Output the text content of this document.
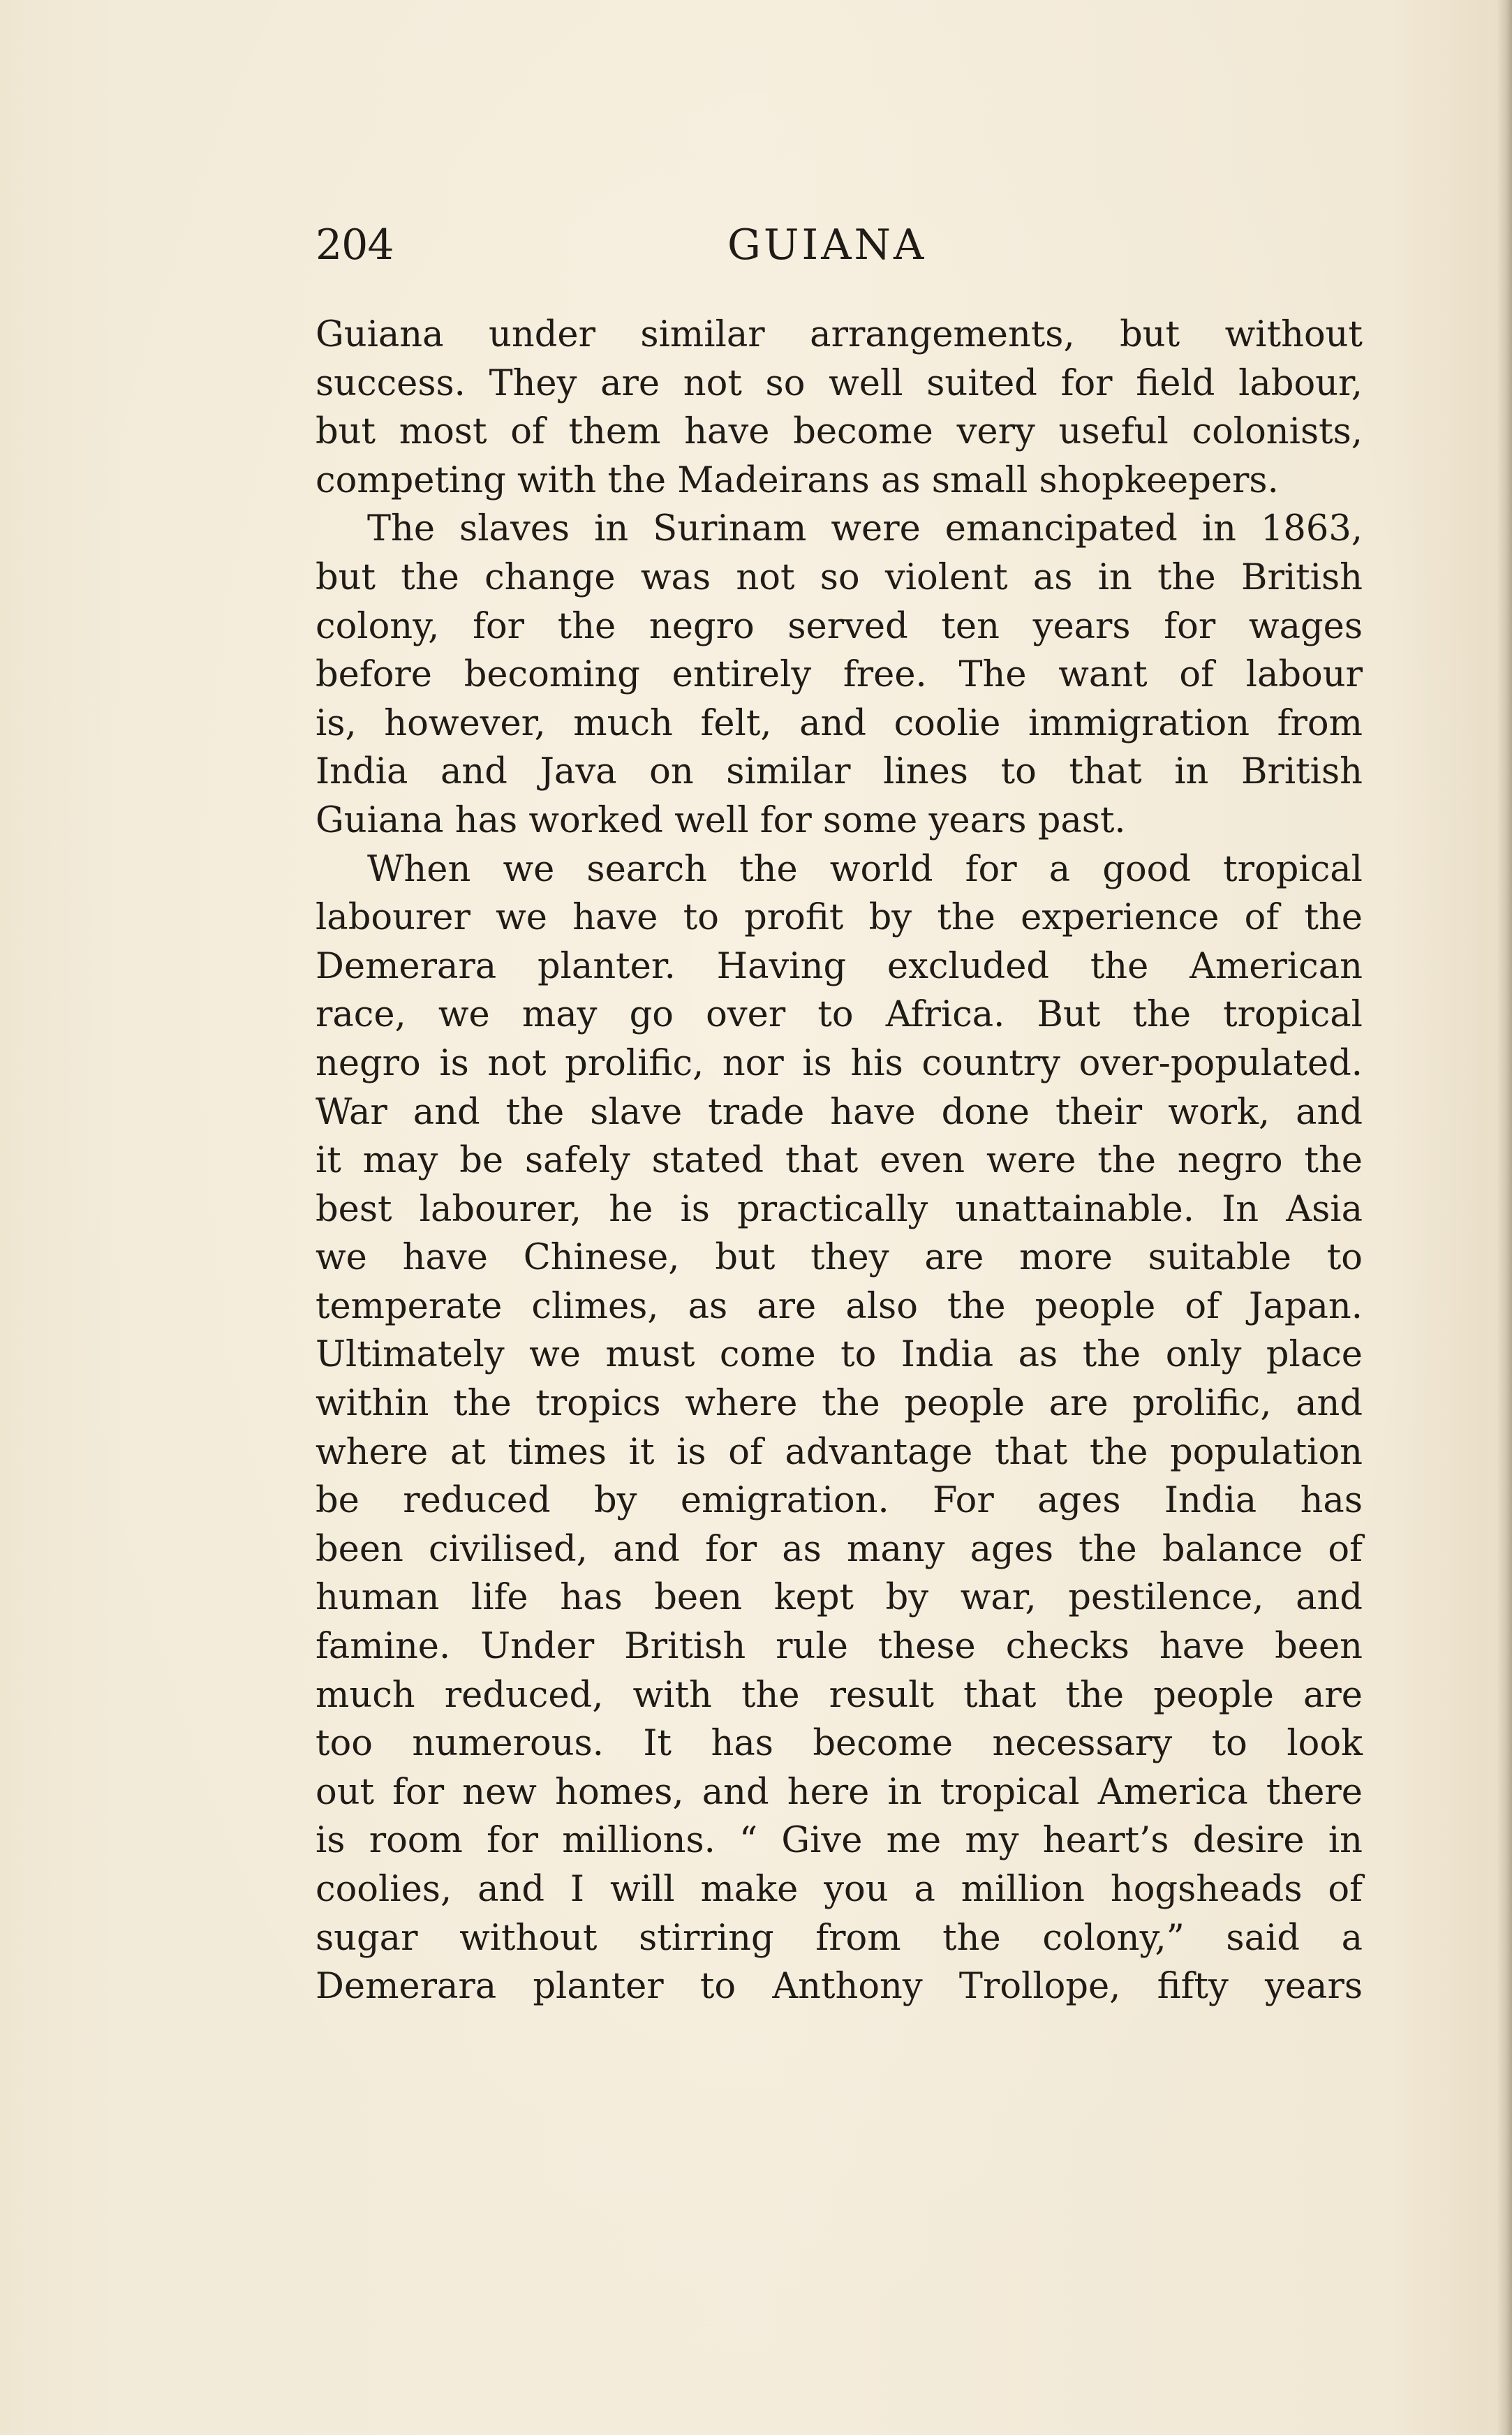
204	GUIANA
Guiana under similar arrangements, but without
success. They are not so well suited for field labour,
but most of them have become very useful colonists,
competing with the Madeirans as small shopkeepers.
The slaves in Surinam were emancipated in 1863,
but the change was not so violent as in the British
colony, for the negro served ten years for wages
before becoming entirely free. The want of labour
is, however, much felt, and coolie immigration from
India and Java on similar lines to that in British
Guiana has worked well for some years past.
When we search the world for a good tropical
labourer we have to profit by the experience of the
Demerara planter. Having excluded the American
race, we may go over to Africa. But the tropical
negro is not prolific, nor is his country over-populated.
War and the slave trade have done their work, and
it may be safely stated that even were the negro the
best labourer, he is practically unattainable. In Asia
we have Chinese, but they are more suitable to
temperate climes, as are also the people of Japan.
Ultimately we must come to India as the only place
within the tropics where the people are prolific, and
where at times it is of advantage that the population
be reduced by emigration. For ages India has
been civilised, and for as many ages the balance of
human life has been kept by war, pestilence, and
famine. Under British rule these checks have been
much reduced, with the result that the people are
too numerous. It has become necessary to look
out for new homes, and here in tropical America there
is room for millions. “ Give me my heart’s desire in
coolies, and I will make you a million hogsheads of
sugar without stirring from the colony,” said a
Demerara planter to Anthony Trollope, fifty years
